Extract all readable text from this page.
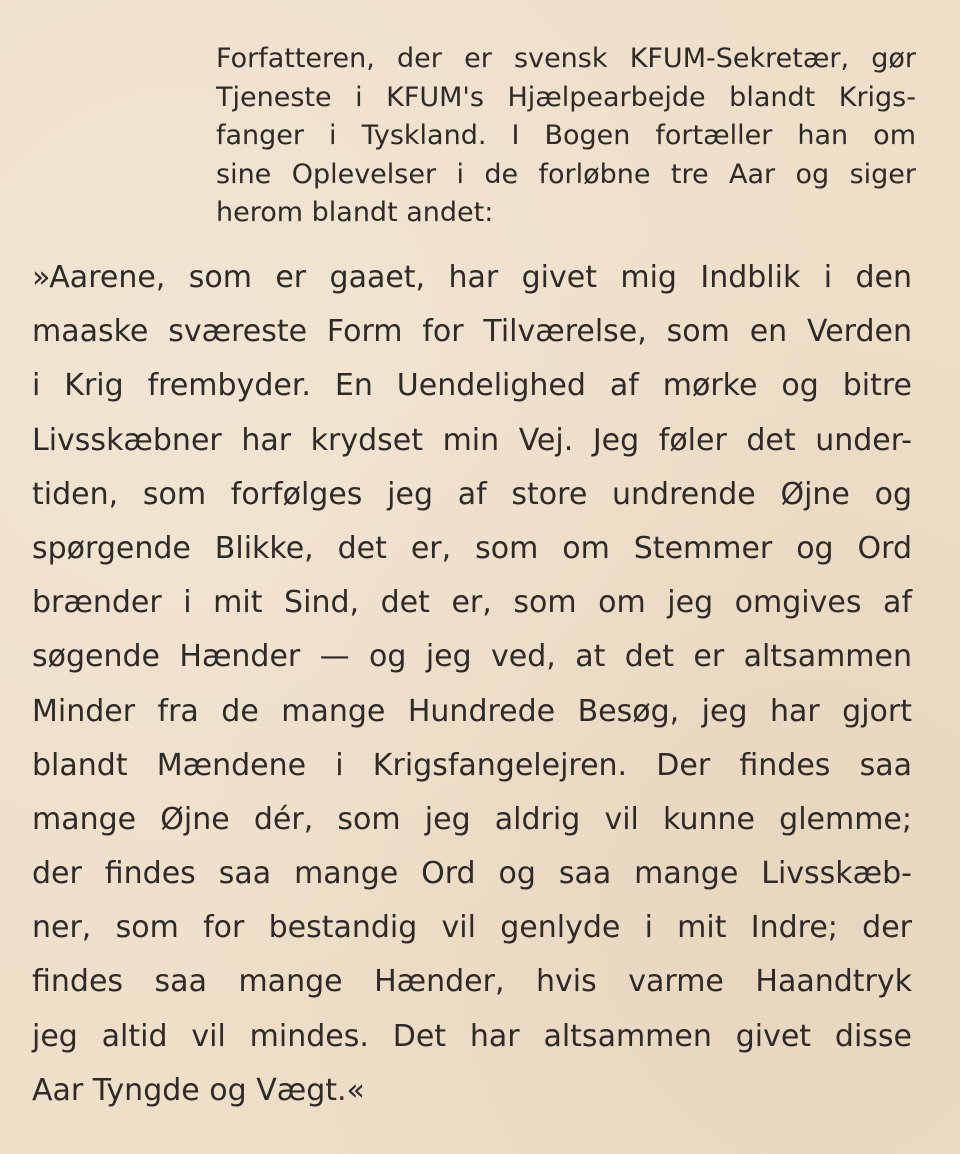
Forfatteren, der er svensk KFUM-Sekretær, gør
Tjeneste i KFUM's Hjælpearbejde blandt Krigs-
fanger i Tyskland. I Bogen fortæller han om
sine Oplevelser i de forløbne tre Aar og siger
herom blandt andet:
»Aarene, som er gaaet, har givet mig Indblik i den
maaske sværeste Form for Tilværelse, som en Verden
i Krig frembyder. En Uendelighed af mørke og bitre
Livsskæbner har krydset min Vej. Jeg føler det under-
tiden, som forfølges jeg af store undrende Øjne og
spørgende Blikke, det er, som om Stemmer og Ord
brænder i mit Sind, det er, som om jeg omgives af
søgende Hænder — og jeg ved, at det er altsammen
Minder fra de mange Hundrede Besøg, jeg har gjort
blandt Mændene i Krigsfangelejren. Der findes saa
mange Øjne dér, som jeg aldrig vil kunne glemme;
der findes saa mange Ord og saa mange Livsskæb-
ner, som for bestandig vil genlyde i mit Indre; der
findes saa mange Hænder, hvis varme Haandtryk
jeg altid vil mindes. Det har altsammen givet disse
Aar Tyngde og Vægt.«
